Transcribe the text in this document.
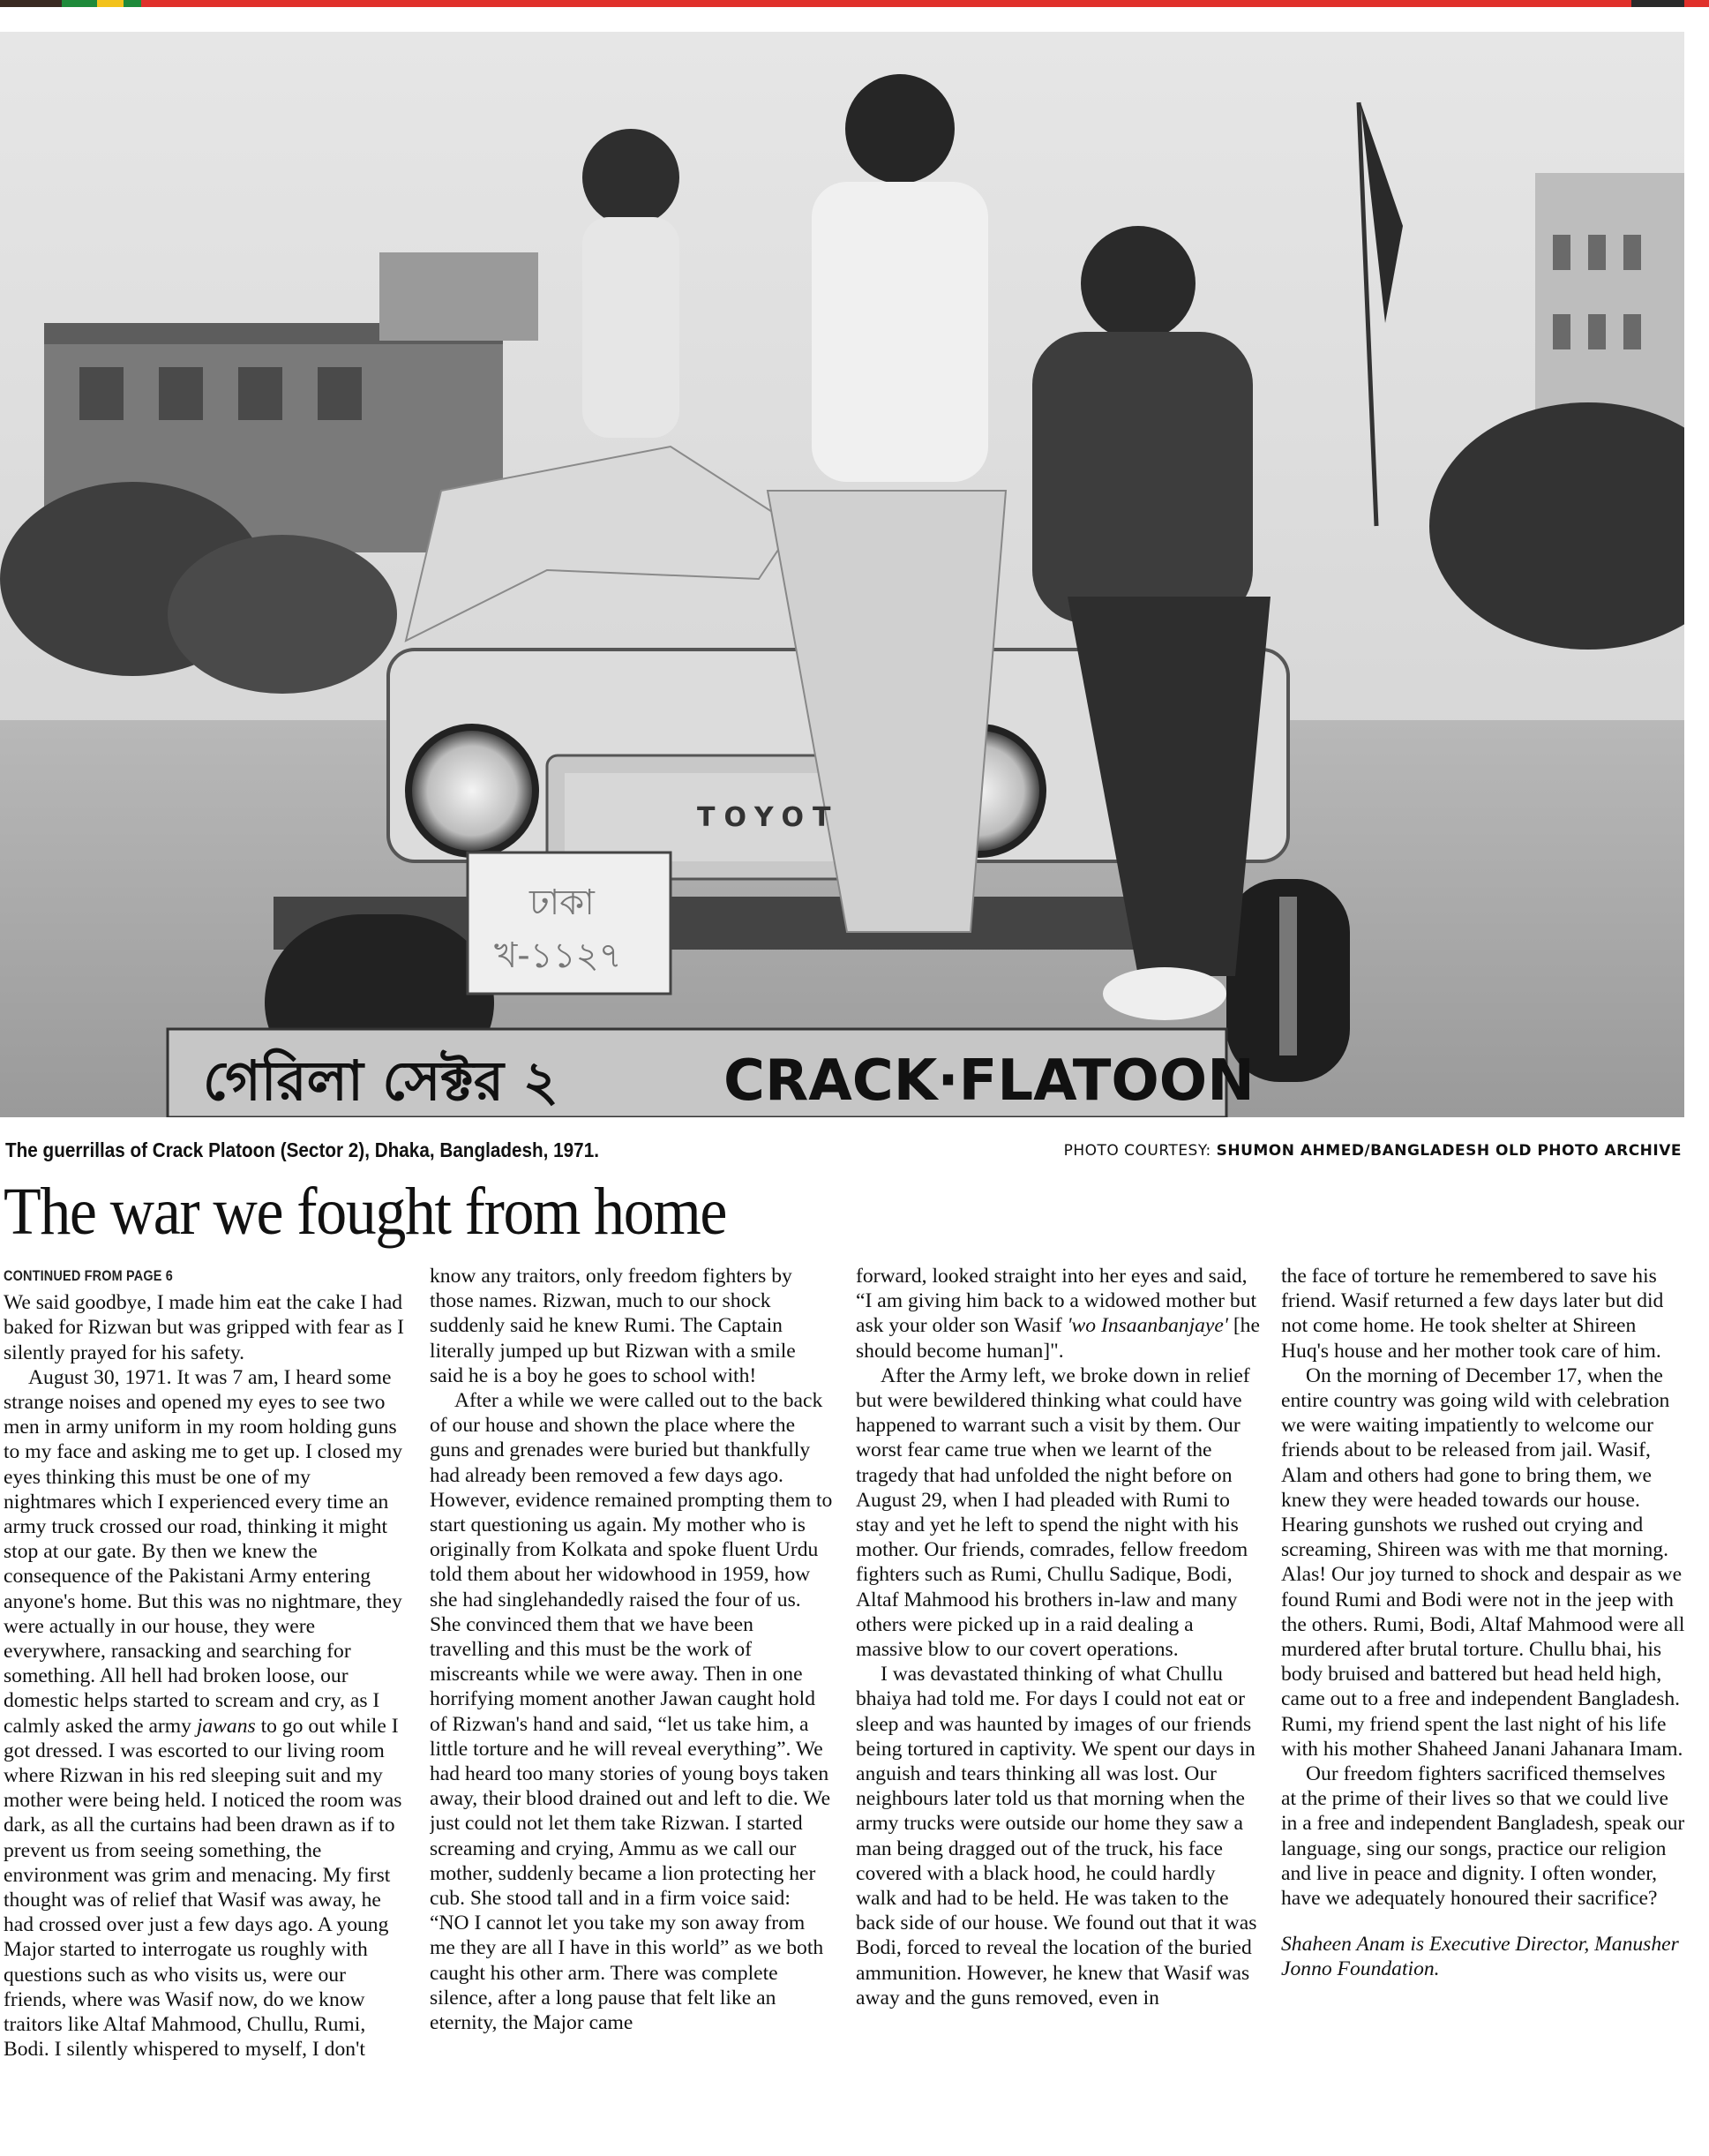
TOYOT
ঢাকা
খ-১১২৭
গেরিলা সেক্টর ২	CRACK·FLATOON
The guerrillas of Crack Platoon (Sector 2), Dhaka, Bangladesh, 1971.	PHOTO COURTESY: SHUMON AHMED/BANGLADESH OLD PHOTO ARCHIVE
The war we fought from home
CONTINUED FROM PAGE 6

We said goodbye, I made him eat the cake I had baked for Rizwan but was gripped with fear as I silently prayed for his safety.

August 30, 1971. It was 7 am, I heard some strange noises and opened my eyes to see two men in army uniform in my room holding guns to my face and asking me to get up. I closed my eyes thinking this must be one of my nightmares which I experienced every time an army truck crossed our road, thinking it might stop at our gate. By then we knew the consequence of the Pakistani Army entering anyone's home. But this was no nightmare, they were actually in our house, they were everywhere, ransacking and searching for something. All hell had broken loose, our domestic helps started to scream and cry, as I calmly asked the army jawans to go out while I got dressed. I was escorted to our living room where Rizwan in his red sleeping suit and my mother were being held. I noticed the room was dark, as all the curtains had been drawn as if to prevent us from seeing something, the environment was grim and menacing. My first thought was of relief that Wasif was away, he had crossed over just a few days ago. A young Major started to interrogate us roughly with questions such as who visits us, were our friends, where was Wasif now, do we know traitors like Altaf Mahmood, Chullu, Rumi, Bodi. I silently whispered to myself, I don't

know any traitors, only freedom fighters by those names. Rizwan, much to our shock suddenly said he knew Rumi. The Captain literally jumped up but Rizwan with a smile said he is a boy he goes to school with!

After a while we were called out to the back of our house and shown the place where the guns and grenades were buried but thankfully had already been removed a few days ago. However, evidence remained prompting them to start questioning us again. My mother who is originally from Kolkata and spoke fluent Urdu told them about her widowhood in 1959, how she had singlehandedly raised the four of us. She convinced them that we have been travelling and this must be the work of miscreants while we were away. Then in one horrifying moment another Jawan caught hold of Rizwan's hand and said, “let us take him, a little torture and he will reveal everything”. We had heard too many stories of young boys taken away, their blood drained out and left to die. We just could not let them take Rizwan. I started screaming and crying, Ammu as we call our mother, suddenly became a lion protecting her cub. She stood tall and in a firm voice said: “NO I cannot let you take my son away from me they are all I have in this world” as we both caught his other arm. There was complete silence, after a long pause that felt like an eternity, the Major came

forward, looked straight into her eyes and said, “I am giving him back to a widowed mother but ask your older son Wasif 'wo Insaanbanjaye' [he should become human]".

After the Army left, we broke down in relief but were bewildered thinking what could have happened to warrant such a visit by them. Our worst fear came true when we learnt of the tragedy that had unfolded the night before on August 29, when I had pleaded with Rumi to stay and yet he left to spend the night with his mother. Our friends, comrades, fellow freedom fighters such as Rumi, Chullu Sadique, Bodi, Altaf Mahmood his brothers in-law and many others were picked up in a raid dealing a massive blow to our covert operations.

I was devastated thinking of what Chullu bhaiya had told me. For days I could not eat or sleep and was haunted by images of our friends being tortured in captivity. We spent our days in anguish and tears thinking all was lost. Our neighbours later told us that morning when the army trucks were outside our home they saw a man being dragged out of the truck, his face covered with a black hood, he could hardly walk and had to be held. He was taken to the back side of our house. We found out that it was Bodi, forced to reveal the location of the buried ammunition. However, he knew that Wasif was away and the guns removed, even in

the face of torture he remembered to save his friend. Wasif returned a few days later but did not come home. He took shelter at Shireen Huq's house and her mother took care of him.

On the morning of December 17, when the entire country was going wild with celebration we were waiting impatiently to welcome our friends about to be released from jail. Wasif, Alam and others had gone to bring them, we knew they were headed towards our house. Hearing gunshots we rushed out crying and screaming, Shireen was with me that morning. Alas! Our joy turned to shock and despair as we found Rumi and Bodi were not in the jeep with the others. Rumi, Bodi, Altaf Mahmood were all murdered after brutal torture. Chullu bhai, his body bruised and battered but head held high, came out to a free and independent Bangladesh. Rumi, my friend spent the last night of his life with his mother Shaheed Janani Jahanara Imam.

Our freedom fighters sacrificed themselves at the prime of their lives so that we could live in a free and independent Bangladesh, speak our language, sing our songs, practice our religion and live in peace and dignity. I often wonder, have we adequately honoured their sacrifice?

Shaheen Anam is Executive Director, Manusher Jonno Foundation.
